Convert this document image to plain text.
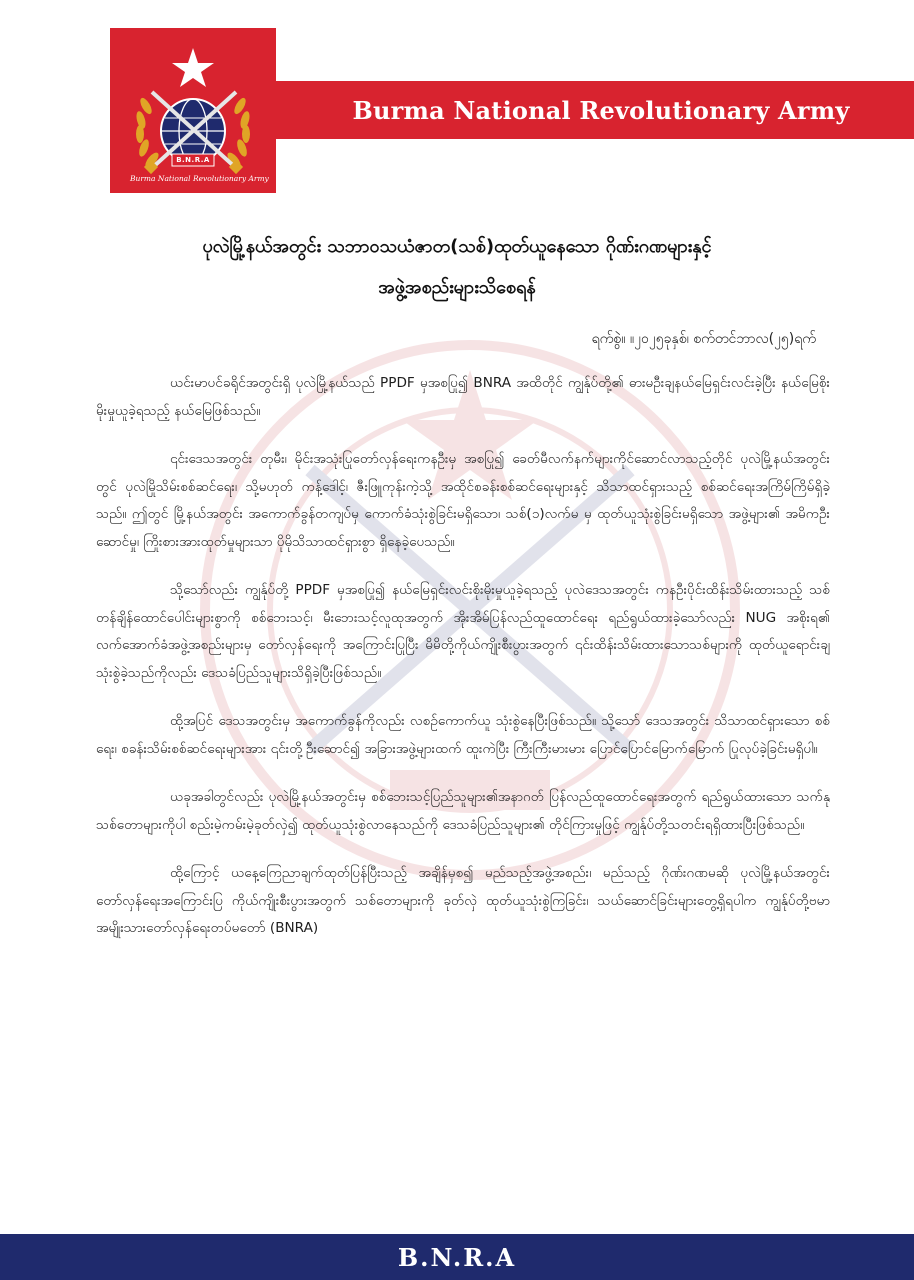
B.N.R.A
Burma National Revolutionary Army
Burma National Revolutionary Army
ပုလဲမြို့နယ်အတွင်း သဘာဝသယံဇာတ(သစ်)ထုတ်ယူနေသော ဂိုဏ်းဂဏများနှင့်
အဖွဲ့အစည်းများသိစေရန်
ရက်စွဲ။ ။၂၀၂၅ခုနှစ်၊ စက်တင်ဘာလ(၂၅)ရက်

ယင်းမာပင်ခရိုင်အတွင်းရှိ ပုလဲမြို့နယ်သည် PPDF မှအစပြု၍ BNRA အထိတိုင် ကျွန်ုပ်တို့၏ ဓားမဦးချနယ်မြေရှင်းလင်းခဲ့ပြီး နယ်မြေစိုးမိုးမှုယူခဲ့ရသည့် နယ်မြေဖြစ်သည်။

၎င်းဒေသအတွင်း တုမီး၊ မိုင်းအသုံးပြုတော်လှန်ရေးကနဦးမှ အစပြု၍ ခေတ်မီလက်နက်များကိုင်ဆောင်လာသည့်တိုင် ပုလဲမြို့နယ်အတွင်းတွင် ပုလဲမြိုသိမ်းစစ်ဆင်ရေး၊ သို့မဟုတ် ကန့်ဒေါင့်၊ ဇီးဖြူကုန်းကဲ့သို့ အထိုင်စခန်းစစ်ဆင်ရေးများနှင့် သိသာထင်ရှားသည့် စစ်ဆင်ရေးအကြိမ်ကြိမ်ရှိခဲ့သည်။ ဤတွင် မြို့နယ်အတွင်း အကောက်ခွန်တကျပ်မှ ကောက်ခံသုံးစွဲခြင်းမရှိသော၊ သစ်(၁)လက်မ မှ ထုတ်ယူသုံးစွဲခြင်းမရှိသော အဖွဲ့များ၏ အမိကဦးဆောင်မှု၊ ကြိုးစားအားထုတ်မှုများသာ ပိုမိုသိသာထင်ရှားစွာ ရှိနေခဲ့ပေသည်။

သို့သော်လည်း ကျွန်ုပ်တို့ PPDF မှအစပြု၍ နယ်မြေရှင်းလင်းစိုးမိုးမှုယူခဲ့ရသည့် ပုလဲဒေသအတွင်း ကနဦးပိုင်းထိန်းသိမ်းထားသည့် သစ်တန်ချိန်ထောင်ပေါင်းများစွာကို စစ်ဘေးသင့်၊ မီးဘေးသင့်လူထုအတွက် အိုးအိမ်ပြန်လည်ထူထောင်ရေး ရည်ရွယ်ထားခဲ့သော်လည်း NUG အစိုးရ၏ လက်အောက်ခံအဖွဲ့အစည်းများမှ တော်လှန်ရေးကို အကြောင်းပြုပြီး မိမိတို့ကိုယ်ကျိုးစီးပွားအတွက် ၎င်းထိန်းသိမ်းထားသောသစ်များကို ထုတ်ယူရောင်းချသုံးစွဲခဲ့သည်ကိုလည်း ဒေသခံပြည်သူများသိရှိခဲ့ပြီးဖြစ်သည်။

ထို့အပြင် ဒေသအတွင်းမှ အကောက်ခွန်ကိုလည်း လစဉ်ကောက်ယူ သုံးစွဲနေပြီးဖြစ်သည်။ သို့သော် ဒေသအတွင်း သိသာထင်ရှားသော စစ်ရေး၊ စခန်းသိမ်းစစ်ဆင်ရေးများအား ၎င်းတို့ဦးဆောင်၍ အခြားအဖွဲ့များထက် ထူးကဲပြီး ကြီးကြီးမားမား ပြောင်ပြောင်မြောက်မြောက် ပြုလုပ်ခဲ့ခြင်းမရှိပါ။

ယခုအခါတွင်လည်း ပုလဲမြို့နယ်အတွင်းမှ စစ်ဘေးသင့်ပြည်သူများ၏အနာဂတ် ပြန်လည်ထူထောင်ရေးအတွက် ရည်ရွယ်ထားသော သက်နုသစ်တောများကိုပါ စည်းမဲ့ကမ်းမဲ့ခုတ်လှဲ၍ ထုတ်ယူသုံးစွဲလာနေသည်ကို ဒေသခံပြည်သူများ၏ တိုင်ကြားမှုဖြင့် ကျွန်ုပ်တို့သတင်းရရှိထားပြီးဖြစ်သည်။

ထို့ကြောင့် ယနေ့ကြေညာချက်ထုတ်ပြန်ပြီးသည့် အချိန်မှစ၍ မည်သည့်အဖွဲ့အစည်း၊ မည်သည့် ဂိုဏ်းဂဏမဆို ပုလဲမြို့နယ်အတွင်း တော်လှန်ရေးအကြောင်းပြ ကိုယ်ကျိုးစီးပွားအတွက် သစ်တောများကို ခုတ်လှဲ ထုတ်ယူသုံးစွဲကြခြင်း၊ သယ်ဆောင်ခြင်းများတွေ့ရှိရပါက ကျွန်ုပ်တို့ဗမာအမျိုးသားတော်လှန်ရေးတပ်မတော် (BNRA)

B.N.R.A
